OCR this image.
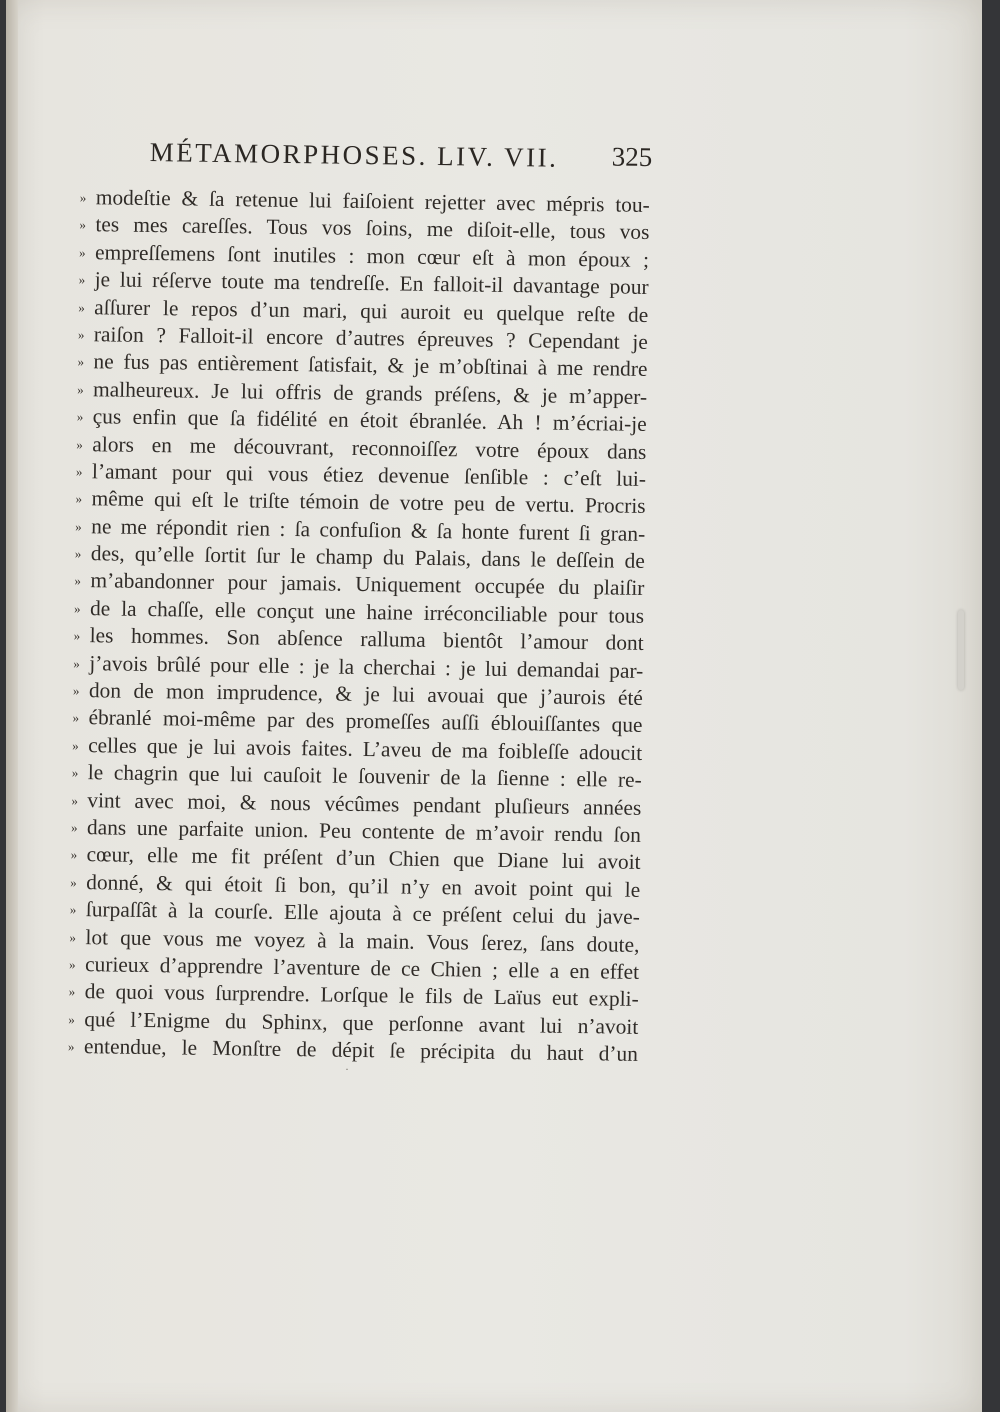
MÉTAMORPHOSES. LIV. VII. 325
» modeſtie & ſa retenue lui faiſoient rejetter avec mépris tou-
» tes mes careſſes. Tous vos ſoins, me diſoit-elle, tous vos
» empreſſemens ſont inutiles : mon cœur eſt à mon époux ;
» je lui réſerve toute ma tendreſſe. En falloit-il davantage pour
» aſſurer le repos d’un mari, qui auroit eu quelque reſte de
» raiſon ? Falloit-il encore d’autres épreuves ? Cependant je
» ne fus pas entièrement ſatisfait, & je m’obſtinai à me rendre
» malheureux. Je lui offris de grands préſens, & je m’apper-
» çus enfin que ſa fidélité en étoit ébranlée. Ah ! m’écriai-je
» alors en me découvrant, reconnoiſſez votre époux dans
» l’amant pour qui vous étiez devenue ſenſible : c’eſt lui-
» même qui eſt le triſte témoin de votre peu de vertu. Procris
» ne me répondit rien : ſa confuſion & ſa honte furent ſi gran-
» des, qu’elle ſortit ſur le champ du Palais, dans le deſſein de
» m’abandonner pour jamais. Uniquement occupée du plaiſir
» de la chaſſe, elle conçut une haine irréconciliable pour tous
» les hommes. Son abſence ralluma bientôt l’amour dont
» j’avois brûlé pour elle : je la cherchai : je lui demandai par-
» don de mon imprudence, & je lui avouai que j’aurois été
» ébranlé moi-même par des promeſſes auſſi éblouiſſantes que
» celles que je lui avois faites. L’aveu de ma foibleſſe adoucit
» le chagrin que lui cauſoit le ſouvenir de la ſienne : elle re-
» vint avec moi, & nous vécûmes pendant pluſieurs années
» dans une parfaite union. Peu contente de m’avoir rendu ſon
» cœur, elle me fit préſent d’un Chien que Diane lui avoit
» donné, & qui étoit ſi bon, qu’il n’y en avoit point qui le
» ſurpaſſât à la courſe. Elle ajouta à ce préſent celui du jave-
» lot que vous me voyez à la main. Vous ſerez, ſans doute,
» curieux d’apprendre l’aventure de ce Chien ; elle a en effet
» de quoi vous ſurprendre. Lorſque le fils de Laïus eut expli-
» qué l’Enigme du Sphinx, que perſonne avant lui n’avoit
» entendue, le Monſtre de dépit ſe précipita du haut d’un
·
